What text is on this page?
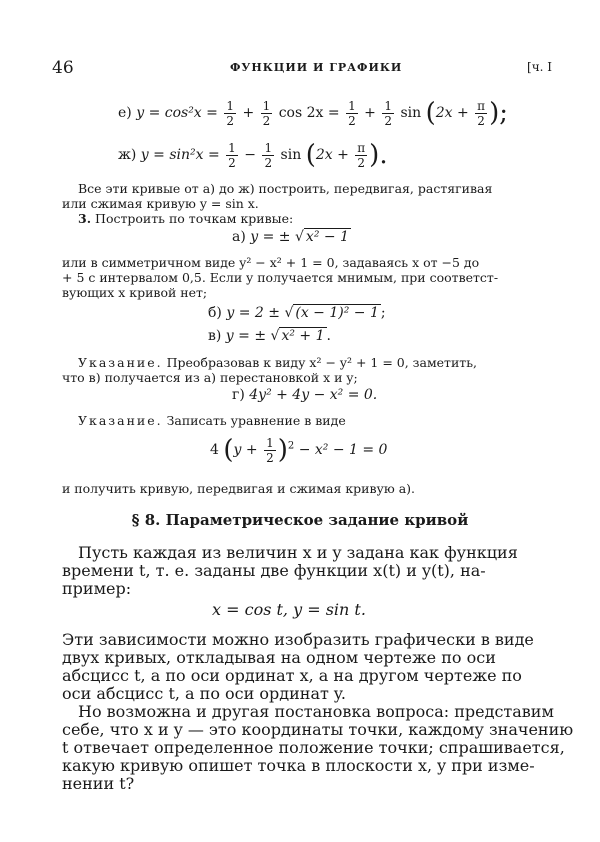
46	ФУНКЦИИ И ГРАФИКИ	[ч. I
е) $y = \cos^2x = \frac{1}{2} + \frac{1}{2}$ $\cos 2x = \frac{1}{2} + \frac{1}{2}$ $\sin (2x + \frac{\pi}{2}$ );
ж) $y = \sin^2x = \frac{1}{2} - \frac{1}{2}$ $\sin (2x + \frac{\pi}{2}$ ).
Все эти кривые от а) до ж) построить, передвигая, растягивая
или сжимая кривую y = sin x.
3. Построить по точкам кривые:
а) y = ± √ x² − 1
или в симметричном виде y² − x² + 1 = 0, задаваясь x от −5 до
+ 5 с интервалом 0,5. Если y получается мнимым, при соответст-
вующих x кривой нет;
б) y = 2 ± √ (x − 1)² − 1 ;
в) y = ± √ x² + 1 .
Указание. Преобразовав к виду x² − y² + 1 = 0, заметить,
что в) получается из а) перестановкой x и y;
г) 4y² + 4y − x² = 0.
Указание. Записать уравнение в виде
4 $(y + \frac{1}{2} )^2 - x^2 - 1 = 0$
и получить кривую, передвигая и сжимая кривую а).
§ 8. Параметрическое задание кривой
Пусть каждая из величин x и y задана как функция
времени t, т. е. заданы две функции x(t) и y(t), на-
пример:
x = cos t, y = sin t.
Эти зависимости можно изобразить графически в виде
двух кривых, откладывая на одном чертеже по оси
абсцисс t, а по оси ординат x, а на другом чертеже по
оси абсцисс t, а по оси ординат y.
Но возможна и другая постановка вопроса: представим
себе, что x и y — это координаты точки, каждому значению
t отвечает определенное положение точки; спрашивается,
какую кривую опишет точка в плоскости x, y при изме-
нении t?
